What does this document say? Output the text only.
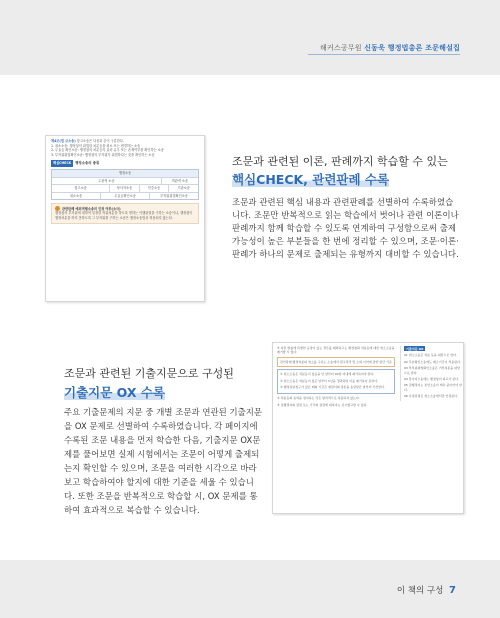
해커스공무원 신동욱 행정법총론 조문해설집
제4조(법 규소송) 항고소송은 다음과 같이 구분한다.
1. 취소소송: 행정청의 위법한 처분등을 취소 또는 변경하는 소송
2. 무효등 확인소송: 행정청의 처분등의 효력 유무 또는 존재여부를 확인하는 소송
3. 부작위위법확인소송: 행정청의 부작위가 위법하다는 것을 확인하는 소송
핵심CHECK	행정소송의 종류
행정소송
주관적 소송	객관적 소송
항고소송	당사자소송	민중소송	기관소송
취소소송	무효등확인소송	부작위위법확인소송
관련판례 예외적행소송의 인정 여부(소극)
행정청의 부작위에 대하여 일정한 작위처분을 하도록 명하는 이행판결을 구하는 소송이나, 행정청이 행정처분을 하지 못하도록 그 부작위를 구하는 소송은 행정소송법상 허용되지 않는다.
조문과 관련된 이론, 판례까지 학습할 수 있는
핵심CHECK, 관련판례 수록
조문과 관련된 핵심 내용과 관련판례를 선별하여 수록하였습니다. 조문만 반복적으로 읽는 학습에서 벗어나 관련 이론이나 판례까지 함께 학습할 수 있도록 연계하여 구성함으로써 출제가능성이 높은 부분들을 한 번에 정리할 수 있으며, 조문·이론·판례가 하나의 문제로 출제되는 유형까지 대비할 수 있습니다.
조문과 관련된 기출지문으로 구성된
기출지문 OX 수록
주요 기출문제의 지문 중 개별 조문과 연관된 기출지문을 OX 문제로 선별하여 수록하였습니다. 각 페이지에 수록된 조문 내용을 먼저 학습한 다음, 기출지문 OX문제를 풀어보면 실제 시험에서는 조문이 어떻게 출제되는지 확인할 수 있으며, 조문을 여러한 시각으로 바라보고 학습하여야 할지에 대한 기준을 세울 수 있습니다. 또한 조문을 반복적으로 학습할 시, OX 문제를 통하여 효과적으로 복습할 수 있습니다.
③ 다른 법률에 특별한 규정이 있는 경우를 제외하고는 행정청의 처분등에 대한 취소소송을 제기할 수 있다.
관련판례 행정처분의 취소를 구하는 소송에서 원고적격 및 소의 이익에 관한 판단 기준
① 취소소송은 처분등이 있음을 안 날부터 90일 이내에 제기하여야 한다.
② 취소소송은 처분등이 있은 날부터 1년을 경과하면 이를 제기하지 못한다.
③ 행정심판청구가 있은 때의 기간은 재결서의 정본을 송달받은 날부터 기산한다.
④ 처분등의 효력을 정지하는 것은 원칙적으로 허용되지 않는다.
⑤ 집행정지의 결정 또는 기각의 결정에 대하여는 즉시항고할 수 있다.
기출지문 OX
01 취소소송은 처분 등을 대상으로 한다.
02 무효확인소송에도 제소기간이 적용된다.
03 부작위위법확인소송은 거부처분을 대상으로 한다.
04 당사자소송에는 행정청이 피고가 된다.
05 집행정지는 본안소송이 계속 중이어야 한다.
06 사정판결은 취소소송에서만 인정된다.
이 책의 구성 7
